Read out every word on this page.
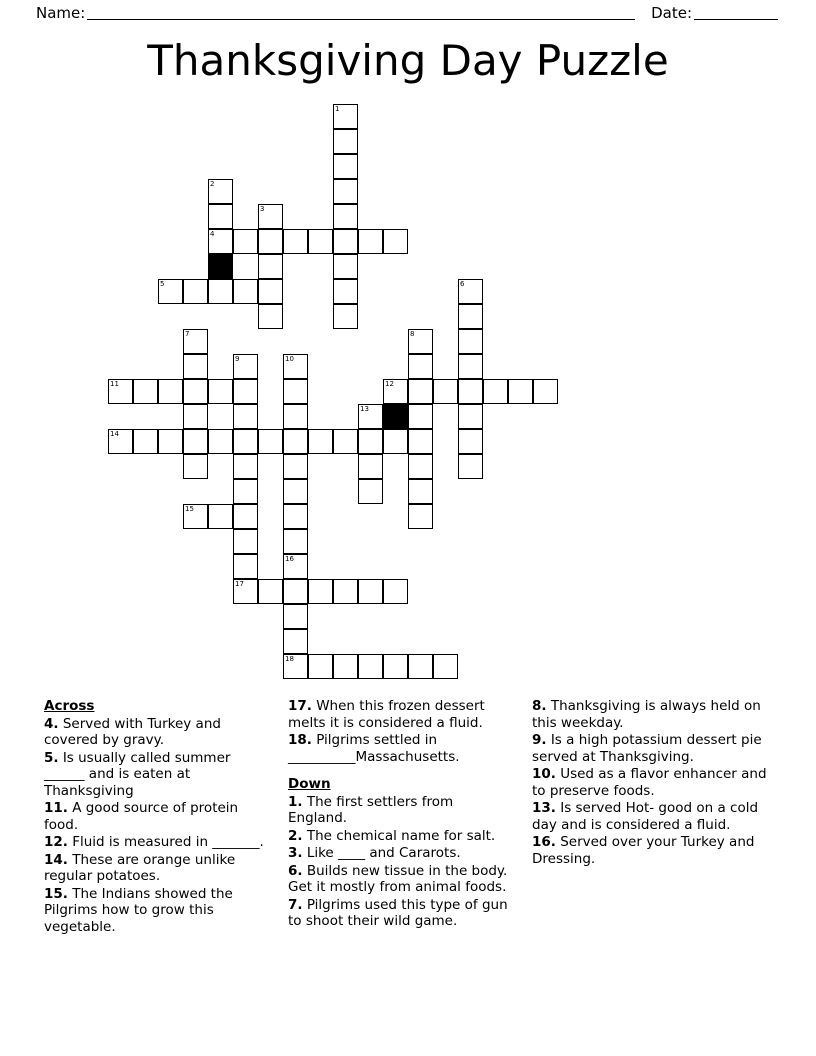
Name:	Date:
Thanksgiving Day Puzzle
1
2
3
4
5	6
7	8
9	10
11	12
13
14
15
16
17
18
Across

4. Served with Turkey and covered by gravy.

5. Is usually called summer ______ and is eaten at Thanksgiving

11. A good source of protein food.

12. Fluid is measured in _______.

14. These are orange unlike regular potatoes.

15. The Indians showed the Pilgrims how to grow this vegetable.

17. When this frozen dessert melts it is considered a fluid.

18. Pilgrims settled in __________Massachusetts.

Down

1. The first settlers from England.

2. The chemical name for salt.

3. Like ____ and Cararots.

6. Builds new tissue in the body. Get it mostly from animal foods.

7. Pilgrims used this type of gun to shoot their wild game.

8. Thanksgiving is always held on this weekday.

9. Is a high potassium dessert pie served at Thanksgiving.

10. Used as a flavor enhancer and to preserve foods.

13. Is served Hot- good on a cold day and is considered a fluid.

16. Served over your Turkey and Dressing.
